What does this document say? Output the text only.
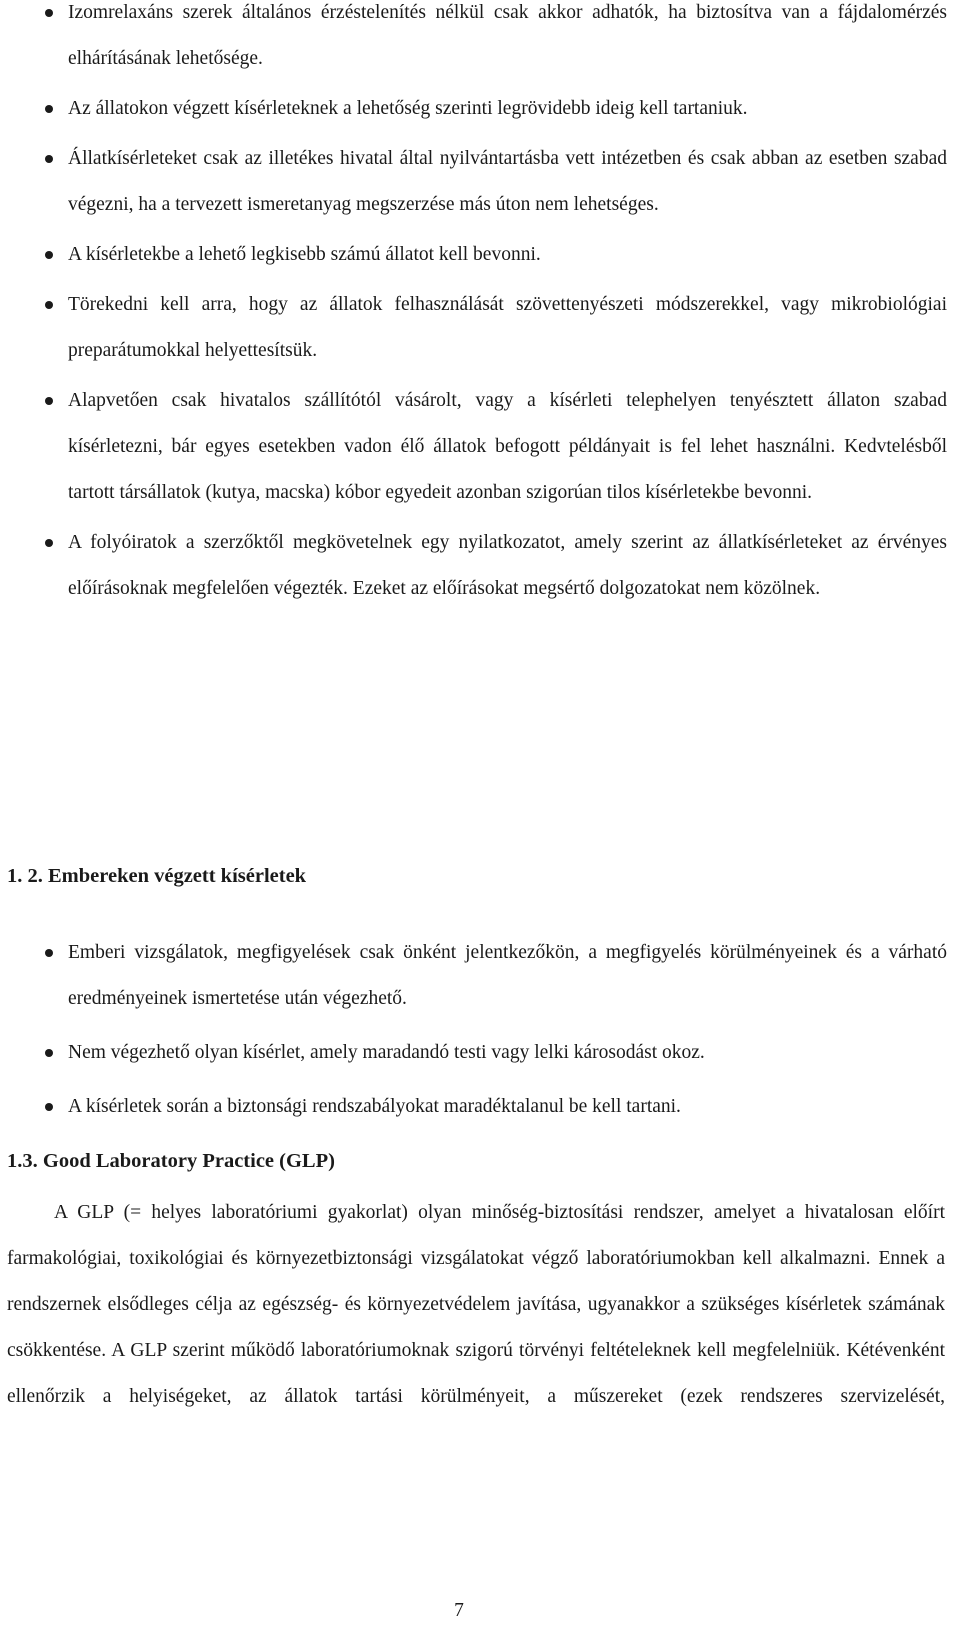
Izomrelaxáns szerek általános érzéstelenítés nélkül csak akkor adhatók, ha biztosítva van a fájdalomérzés elhárításának lehetősége.
Az állatokon végzett kísérleteknek a lehetőség szerinti legrövidebb ideig kell tartaniuk.
Állatkísérleteket csak az illetékes hivatal által nyilvántartásba vett intézetben és csak abban az esetben szabad végezni, ha a tervezett ismeretanyag megszerzése más úton nem lehetséges.
A kísérletekbe a lehető legkisebb számú állatot kell bevonni.
Törekedni kell arra, hogy az állatok felhasználását szövettenyészeti módszerekkel, vagy mikrobiológiai preparátumokkal helyettesítsük.
Alapvetően csak hivatalos szállítótól vásárolt, vagy a kísérleti telephelyen tenyésztett állaton szabad kísérletezni, bár egyes esetekben vadon élő állatok befogott példányait is fel lehet használni. Kedvtelésből tartott társállatok (kutya, macska) kóbor egyedeit azonban szigorúan tilos kísérletekbe bevonni.
A folyóiratok a szerzőktől megkövetelnek egy nyilatkozatot, amely szerint az állatkísérleteket az érvényes előírásoknak megfelelően végezték. Ezeket az előírásokat megsértő dolgozatokat nem közölnek.
1. 2. Embereken végzett kísérletek
Emberi vizsgálatok, megfigyelések csak önként jelentkezőkön, a megfigyelés körülményeinek és a várható eredményeinek ismertetése után végezhető.
Nem végezhető olyan kísérlet, amely maradandó testi vagy lelki károsodást okoz.
A kísérletek során a biztonsági rendszabályokat maradéktalanul be kell tartani.
1.3. Good Laboratory Practice (GLP)

A GLP (= helyes laboratóriumi gyakorlat) olyan minőség-biztosítási rendszer, amelyet a hivatalosan előírt farmakológiai, toxikológiai és környezetbiztonsági vizsgálatokat végző laboratóriumokban kell alkalmazni. Ennek a rendszernek elsődleges célja az egészség- és környezetvédelem javítása, ugyanakkor a szükséges kísérletek számának csökkentése. A GLP szerint működő laboratóriumoknak szigorú törvényi feltételeknek kell megfelelniük. Kétévenként ellenőrzik a helyiségeket, az állatok tartási körülményeit, a műszereket (ezek rendszeres szervizelését,

7
